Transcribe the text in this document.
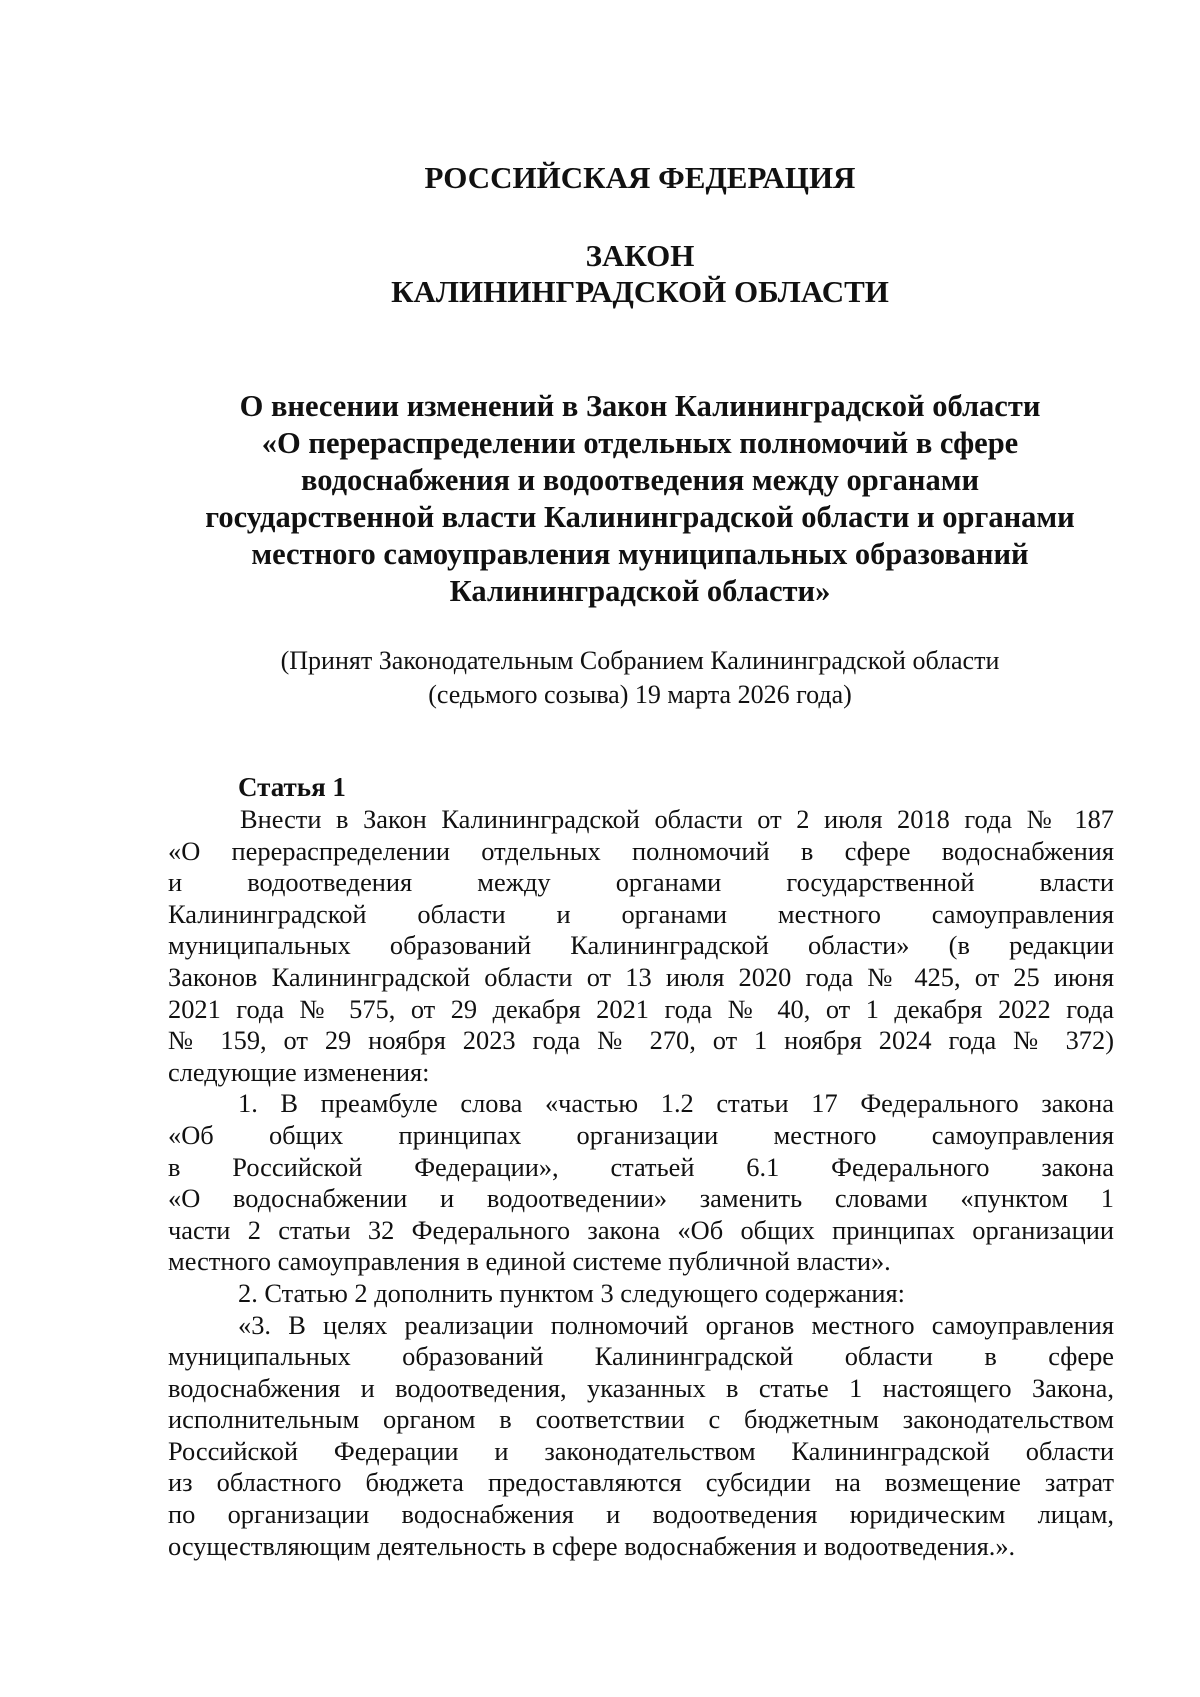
РОССИЙСКАЯ ФЕДЕРАЦИЯ
ЗАКОН
КАЛИНИНГРАДСКОЙ ОБЛАСТИ
О внесении изменений в Закон Калининградской области
«О перераспределении отдельных полномочий в сфере
водоснабжения и водоотведения между органами
государственной власти Калининградской области и органами
местного самоуправления муниципальных образований
Калининградской области»
(Принят Законодательным Собранием Калининградской области
(седьмого созыва) 19 марта 2026 года)
Статья 1
Внести в Закон Калининградской области от 2 июля 2018 года № 187
«О перераспределении отдельных полномочий в сфере водоснабжения
и водоотведения между органами государственной власти
Калининградской области и органами местного самоуправления
муниципальных образований Калининградской области» (в редакции
Законов Калининградской области от 13 июля 2020 года № 425, от 25 июня
2021 года № 575, от 29 декабря 2021 года № 40, от 1 декабря 2022 года
№ 159, от 29 ноября 2023 года № 270, от 1 ноября 2024 года № 372)
следующие изменения:
1. В преамбуле слова «частью 1.2 статьи 17 Федерального закона
«Об общих принципах организации местного самоуправления
в Российской Федерации», статьей 6.1 Федерального закона
«О водоснабжении и водоотведении» заменить словами «пунктом 1
части 2 статьи 32 Федерального закона «Об общих принципах организации
местного самоуправления в единой системе публичной власти».
2. Статью 2 дополнить пунктом 3 следующего содержания:
«3. В целях реализации полномочий органов местного самоуправления
муниципальных образований Калининградской области в сфере
водоснабжения и водоотведения, указанных в статье 1 настоящего Закона,
исполнительным органом в соответствии с бюджетным законодательством
Российской Федерации и законодательством Калининградской области
из областного бюджета предоставляются субсидии на возмещение затрат
по организации водоснабжения и водоотведения юридическим лицам,
осуществляющим деятельность в сфере водоснабжения и водоотведения.».
